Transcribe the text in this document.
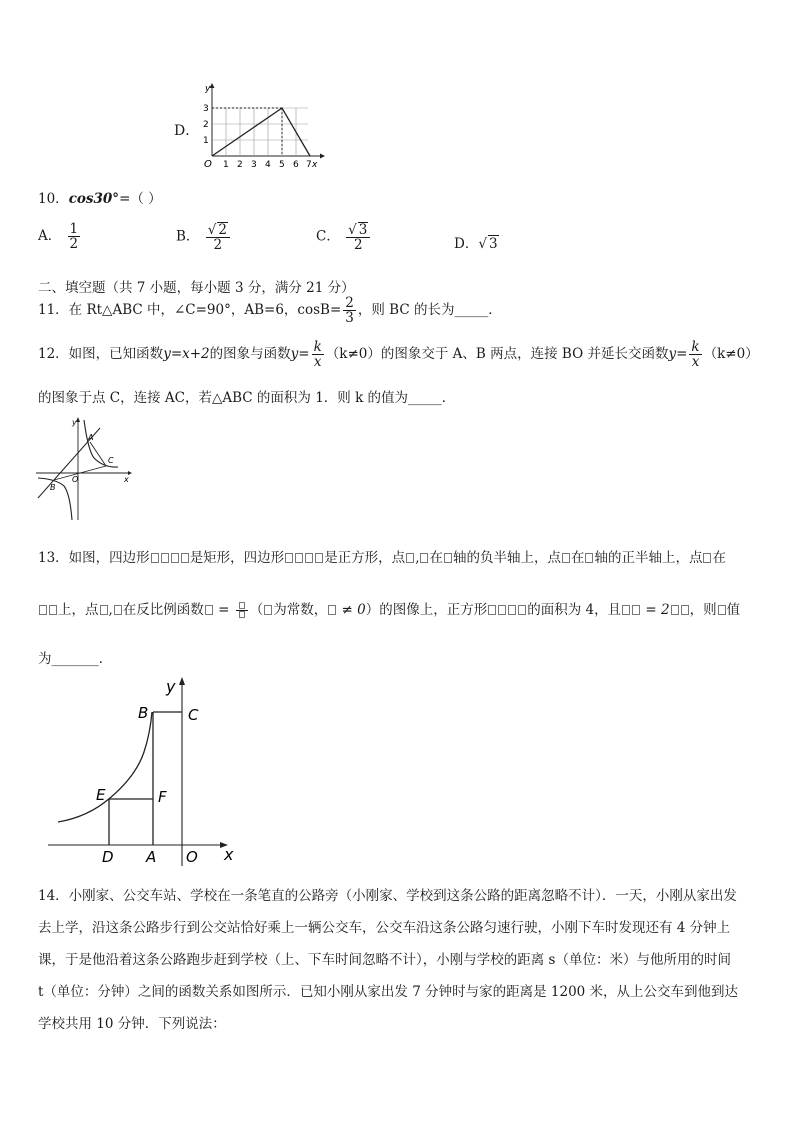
D．
y
x
O 1 2 3 4 5 6 7
1
2
3
10．cos30°=（ ）
A． $\frac{1}{2}$	B． $\frac{√ 2}{2}$	C． $\frac{√ 3}{2}$	D．√ 3
二、填空题（共 7 小题，每小题 3 分，满分 21 分）
11．在 Rt△ABC 中，∠C=90°，AB=6，$\cos B= \frac{2}{3}$ ，则 BC 的长为_____．
12．如图，已知函数y=x+2的图象与函数$y= \frac{k}{x} (k\ne 0)$的图象交于 A、B 两点，连接 BO 并延长交函数$y= \frac{k}{x} (k\ne 0)$
的图象于点 C，连接 AC，若△ABC 的面积为 1．则 k 的值为_____．
A
B
C
O
y
x
13．如图，四边形	是矩形，四边形	是正方形，点 , 在 轴的负半轴上，点 在 轴的正半轴上，点 在
上，点 , 在反比例函数 = （ 为常数， ≠ 0）的图像上，正方形	的面积为 4，且 = 2 ，则 值
为_______．
y
x
B	C
E	F
D A O
14．小刚家、公交车站、学校在一条笔直的公路旁（小刚家、学校到这条公路的距离忽略不计）．一天，小刚从家出发
去上学，沿这条公路步行到公交站恰好乘上一辆公交车，公交车沿这条公路匀速行驶，小刚下车时发现还有 4 分钟上
课，于是他沿着这条公路跑步赶到学校（上、下车时间忽略不计），小刚与学校的距离 s（单位：米）与他所用的时间
t（单位：分钟）之间的函数关系如图所示．已知小刚从家出发 7 分钟时与家的距离是 1200 米，从上公交车到他到达
学校共用 10 分钟．下列说法：
